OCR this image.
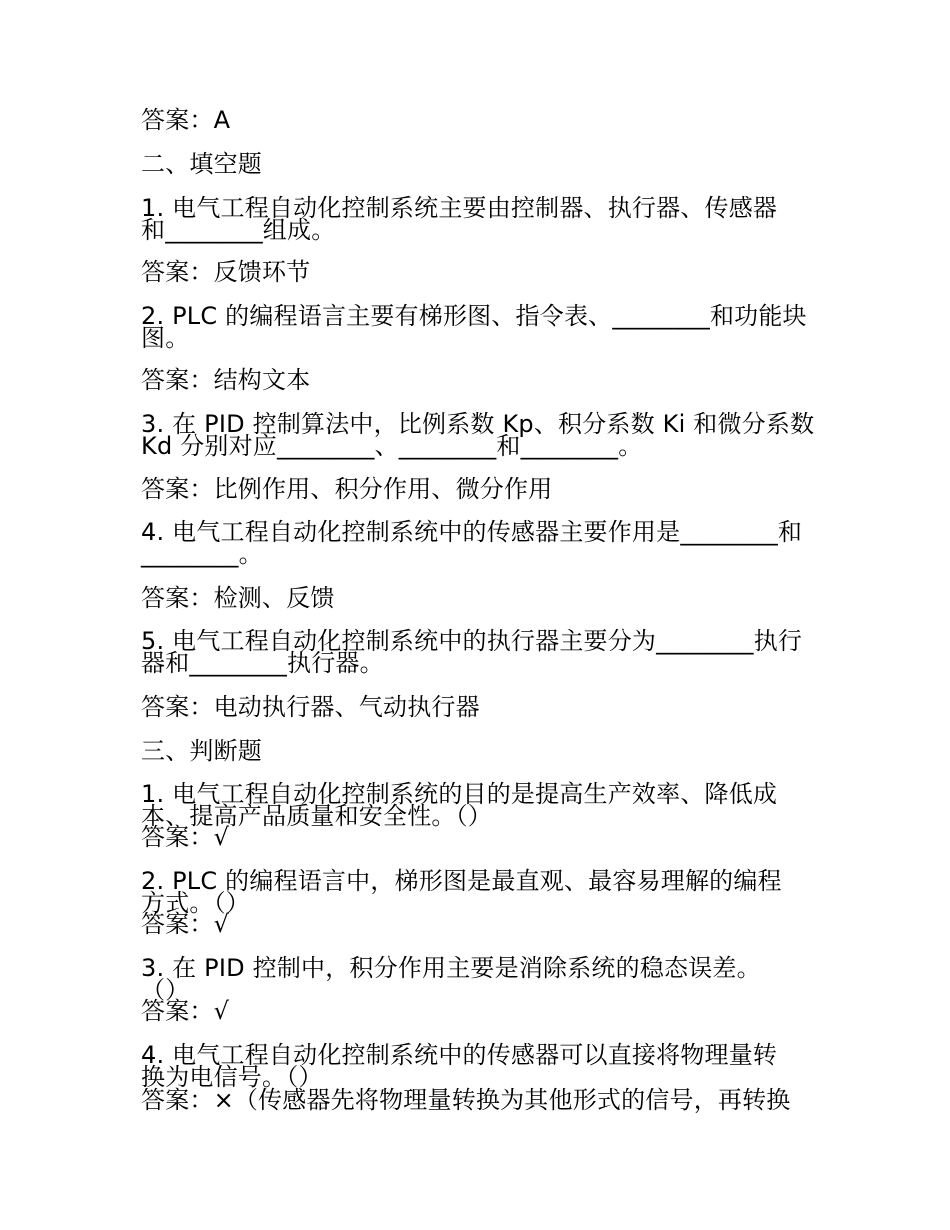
答案：A

二、填空题

1. 电气工程自动化控制系统主要由控制器、执行器、传感器

和________组成。

答案：反馈环节

2. PLC 的编程语言主要有梯形图、指令表、________和功能块

图。

答案：结构文本

3. 在 PID 控制算法中，比例系数 Kp、积分系数 Ki 和微分系数

Kd 分别对应________、________和________。

答案：比例作用、积分作用、微分作用

4. 电气工程自动化控制系统中的传感器主要作用是________和

________。

答案：检测、反馈

5. 电气工程自动化控制系统中的执行器主要分为________执行

器和________执行器。

答案：电动执行器、气动执行器

三、判断题

1. 电气工程自动化控制系统的目的是提高生产效率、降低成

本、提高产品质量和安全性。（）

答案：√

2. PLC 的编程语言中，梯形图是最直观、最容易理解的编程

方式。（）

答案：√

3. 在 PID 控制中，积分作用主要是消除系统的稳态误差。

（）

答案：√

4. 电气工程自动化控制系统中的传感器可以直接将物理量转

换为电信号。（）

答案：×（传感器先将物理量转换为其他形式的信号，再转换
